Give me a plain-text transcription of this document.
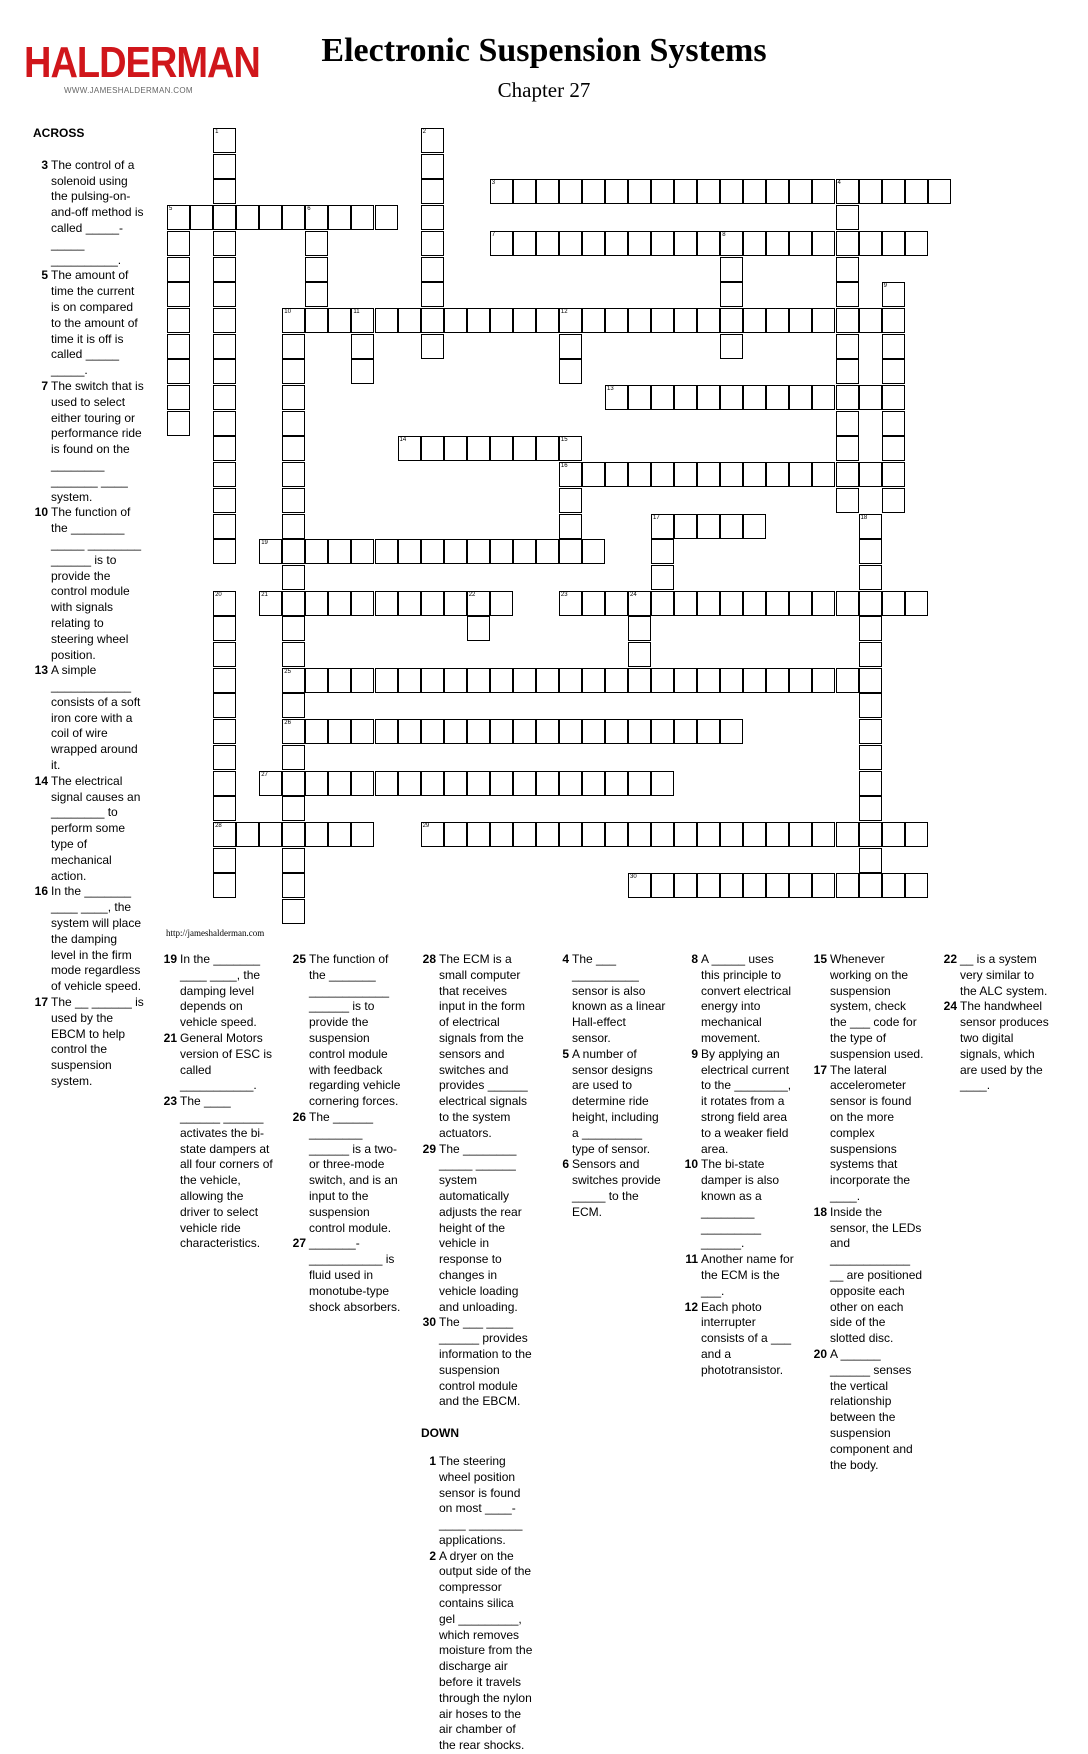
HALDERMAN
WWW.JAMESHALDERMAN.COM
Electronic Suspension Systems
Chapter 27
1	2
3	4
5	6
7	8
9
10	11	12
25
26
13
14	15
16
17	18
19
20
28
21	22	23	24
27
29
30
http://jameshalderman.com
ACROSS
3 The control of a solenoid using the pulsing-on-and-off method is called _____-_____ __________.
5 The amount of time the current is on compared to the amount of time it is off is called _____ _____.
7 The switch that is used to select either touring or performance ride is found on the ________ _______ ____ system.
10 The function of the ________ _____ ________ ______ is to provide the control module with signals relating to steering wheel position.
13 A simple ____________ consists of a soft iron core with a coil of wire wrapped around it.
14 The electrical signal causes an ________ to perform some type of mechanical action.
16 In the _______ ____ ____, the system will place the damping level in the firm mode regardless of vehicle speed.
17 The __ ______ is used by the EBCM to help control the suspension system.
19 In the _______ ____ ____, the damping level depends on vehicle speed.
21 General Motors version of ESC is called ___________.
23 The ____ ______ ______ activates the bi-state dampers at all four corners of the vehicle, allowing the driver to select vehicle ride characteristics.
25 The function of the _______ ____________ ______ is to provide the suspension control module with feedback regarding vehicle cornering forces.
26 The ______ ________ ______ is a two- or three-mode switch, and is an input to the suspension control module.
27 _______-___________ is fluid used in monotube-type shock absorbers.
28 The ECM is a small computer that receives input in the form of electrical signals from the sensors and switches and provides ______ electrical signals to the system actuators.
29 The ________ _____ ______ system automatically adjusts the rear height of the vehicle in response to changes in vehicle loading and unloading.
30 The ___ ____ ______ provides information to the suspension control module and the EBCM.
DOWN
1 The steering wheel position sensor is found on most ____-____ ________ applications.
2 A dryer on the output side of the compressor contains silica gel _________, which removes moisture from the discharge air before it travels through the nylon air hoses to the air chamber of the rear shocks.
4 The ___ __________ sensor is also known as a linear Hall-effect sensor.
5 A number of sensor designs are used to determine ride height, including a _________ type of sensor.
6 Sensors and switches provide _____ to the ECM.
8 A _____ uses this principle to convert electrical energy into mechanical movement.
9 By applying an electrical current to the ________, it rotates from a strong field area to a weaker field area.
10 The bi-state damper is also known as a ________ _________ ______.
11 Another name for the ECM is the ___.
12 Each photo interrupter consists of a ___ and a phototransistor.
15 Whenever working on the suspension system, check the ___ code for the type of suspension used.
17 The lateral accelerometer sensor is found on the more complex suspensions systems that incorporate the ____.
18 Inside the sensor, the LEDs and ____________ __ are positioned opposite each other on each side of the slotted disc.
20 A ______ ______ senses the vertical relationship between the suspension component and the body.
22 __ is a system very similar to the ALC system.
24 The handwheel sensor produces two digital signals, which are used by the ____.
